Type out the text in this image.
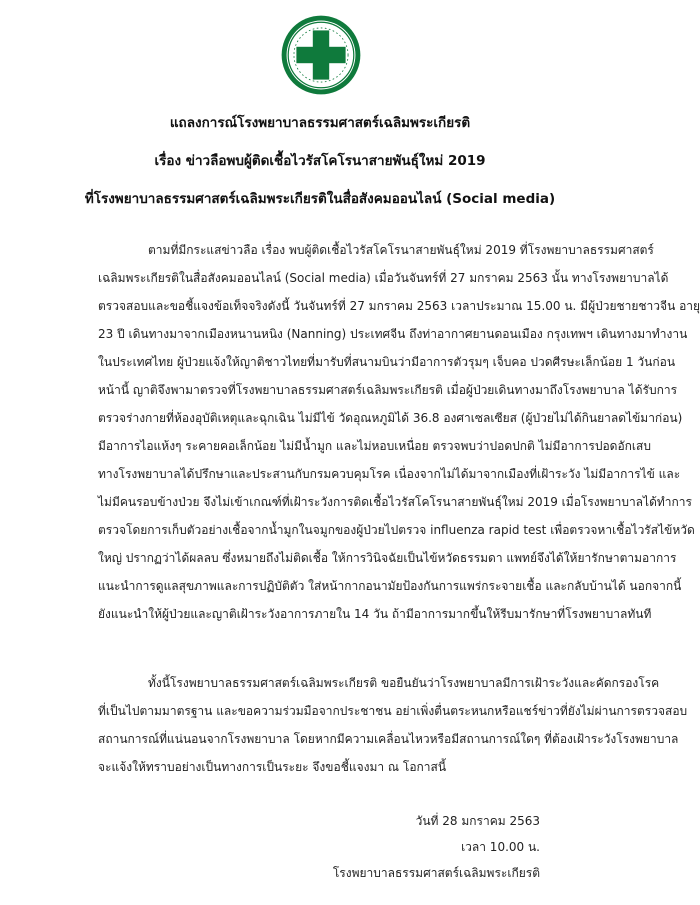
แถลงการณ์โรงพยาบาลธรรมศาสตร์เฉลิมพระเกียรติ
เรื่อง ข่าวลือพบผู้ติดเชื้อไวรัสโคโรนาสายพันธุ์ใหม่ 2019
ที่โรงพยาบาลธรรมศาสตร์เฉลิมพระเกียรติในสื่อสังคมออนไลน์ (Social media)
ตามที่มีกระแสข่าวลือ เรื่อง พบผู้ติดเชื้อไวรัสโคโรนาสายพันธุ์ใหม่ 2019 ที่โรงพยาบาลธรรมศาสตร์
เฉลิมพระเกียรติในสื่อสังคมออนไลน์ (Social media) เมื่อวันจันทร์ที่ 27 มกราคม 2563 นั้น ทางโรงพยาบาลได้
ตรวจสอบและขอชี้แจงข้อเท็จจริงดังนี้ วันจันทร์ที่ 27 มกราคม 2563 เวลาประมาณ 15.00 น. มีผู้ป่วยชายชาวจีน อายุ
23 ปี เดินทางมาจากเมืองหนานหนิง (Nanning) ประเทศจีน ถึงท่าอากาศยานดอนเมือง กรุงเทพฯ เดินทางมาทำงาน
ในประเทศไทย ผู้ป่วยแจ้งให้ญาติชาวไทยที่มารับที่สนามบินว่ามีอาการตัวรุมๆ เจ็บคอ ปวดศีรษะเล็กน้อย 1 วันก่อน
หน้านี้ ญาติจึงพามาตรวจที่โรงพยาบาลธรรมศาสตร์เฉลิมพระเกียรติ เมื่อผู้ป่วยเดินทางมาถึงโรงพยาบาล ได้รับการ
ตรวจร่างกายที่ห้องอุบัติเหตุและฉุกเฉิน ไม่มีไข้ วัดอุณหภูมิได้ 36.8 องศาเซลเซียส (ผู้ป่วยไม่ได้กินยาลดไข้มาก่อน)
มีอาการไอแห้งๆ ระคายคอเล็กน้อย ไม่มีน้ำมูก และไม่หอบเหนื่อย ตรวจพบว่าปอดปกติ ไม่มีอาการปอดอักเสบ
ทางโรงพยาบาลได้ปรึกษาและประสานกับกรมควบคุมโรค เนื่องจากไม่ได้มาจากเมืองที่เฝ้าระวัง ไม่มีอาการไข้ และ
ไม่มีคนรอบข้างป่วย จึงไม่เข้าเกณฑ์ที่เฝ้าระวังการติดเชื้อไวรัสโคโรนาสายพันธุ์ใหม่ 2019 เมื่อโรงพยาบาลได้ทำการ
ตรวจโดยการเก็บตัวอย่างเชื้อจากน้ำมูกในจมูกของผู้ป่วยไปตรวจ influenza rapid test เพื่อตรวจหาเชื้อไวรัสไข้หวัด
ใหญ่ ปรากฏว่าได้ผลลบ ซึ่งหมายถึงไม่ติดเชื้อ ให้การวินิจฉัยเป็นไข้หวัดธรรมดา แพทย์จึงได้ให้ยารักษาตามอาการ
แนะนำการดูแลสุขภาพและการปฏิบัติตัว ใส่หน้ากากอนามัยป้องกันการแพร่กระจายเชื้อ และกลับบ้านได้ นอกจากนี้
ยังแนะนำให้ผู้ป่วยและญาติเฝ้าระวังอาการภายใน 14 วัน ถ้ามีอาการมากขึ้นให้รีบมารักษาที่โรงพยาบาลทันที
ทั้งนี้โรงพยาบาลธรรมศาสตร์เฉลิมพระเกียรติ ขอยืนยันว่าโรงพยาบาลมีการเฝ้าระวังและคัดกรองโรค
ที่เป็นไปตามมาตรฐาน และขอความร่วมมือจากประชาชน อย่าเพิ่งตื่นตระหนกหรือแชร์ข่าวที่ยังไม่ผ่านการตรวจสอบ
สถานการณ์ที่แน่นอนจากโรงพยาบาล โดยหากมีความเคลื่อนไหวหรือมีสถานการณ์ใดๆ ที่ต้องเฝ้าระวังโรงพยาบาล
จะแจ้งให้ทราบอย่างเป็นทางการเป็นระยะ จึงขอชี้แจงมา ณ โอกาสนี้
วันที่ 28 มกราคม 2563
เวลา 10.00 น.
โรงพยาบาลธรรมศาสตร์เฉลิมพระเกียรติ
